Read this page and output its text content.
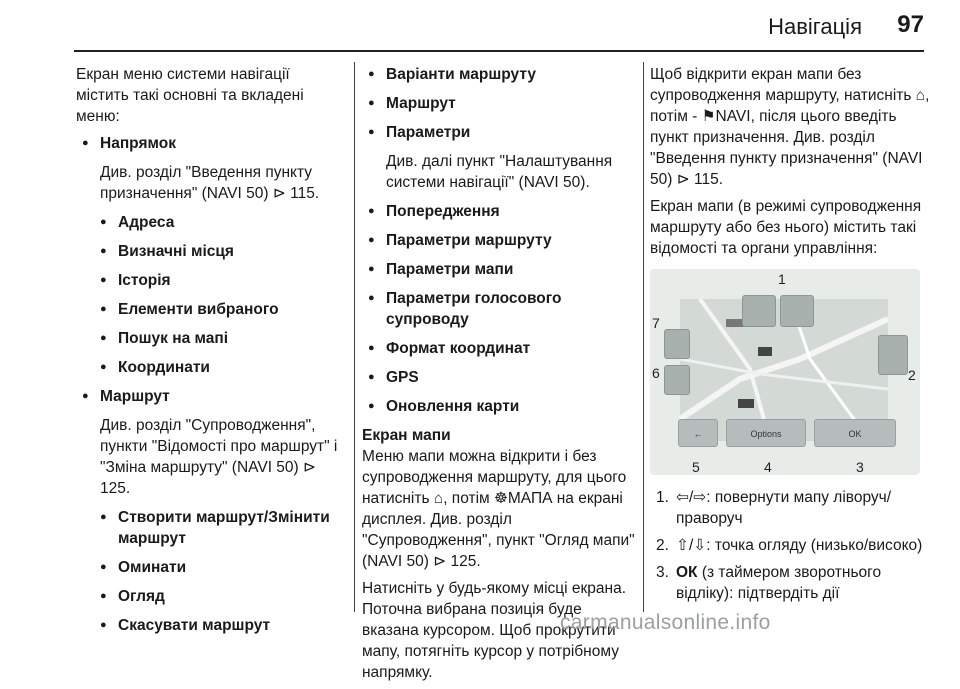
Навігація 97

Екран меню системи навігації містить такі основні та вкладені меню:

● Напрямок

Див. розділ "Введення пункту призначення" (NAVI 50) ⊳ 115.

● Адреса
● Визначні місця
● Історія
● Елементи вибраного
● Пошук на мапі
● Координати
● Маршрут

Див. розділ "Супроводження", пункти "Відомості про маршрут" і "Зміна маршруту" (NAVI 50) ⊳ 125.

● Створити маршрут/Змінити маршрут
● Оминати
● Огляд
● Скасувати маршрут
● Варіанти маршруту
● Маршрут
● Параметри

Див. далі пункт "Налаштування системи навігації" (NAVI 50).

● Попередження
● Параметри маршруту
● Параметри мапи
● Параметри голосового супроводу
● Формат координат
● GPS
● Оновлення карти
Екран мапи

Меню мапи можна відкрити і без супроводження маршруту, для цього натисніть ⌂, потім ☸МАПА на екрані дисплея. Див. розділ "Супроводження", пункт "Огляд мапи" (NAVI 50) ⊳ 125.

Натисніть у будь-якому місці екрана. Поточна вибрана позиція буде вказана курсором. Щоб прокрутити мапу, потягніть курсор у потрібному напрямку.

Щоб відкрити екран мапи без супроводження маршруту, натисніть ⌂, потім - ⚑NAVI, після цього введіть пункт призначення. Див. розділ "Введення пункту призначення" (NAVI 50) ⊳ 115.

Екран мапи (в режимі супроводження маршруту або без нього) містить такі відомості та органи управління:

←	Options	OK
1
2
3
4
5
6
7
1. ⇦/⇨: повернути мапу ліворуч/праворуч
2. ⇧/⇩: точка огляду (низько/високо)
3. ОК (з таймером зворотнього відліку): підтвердіть дії
carmanualsonline.info
